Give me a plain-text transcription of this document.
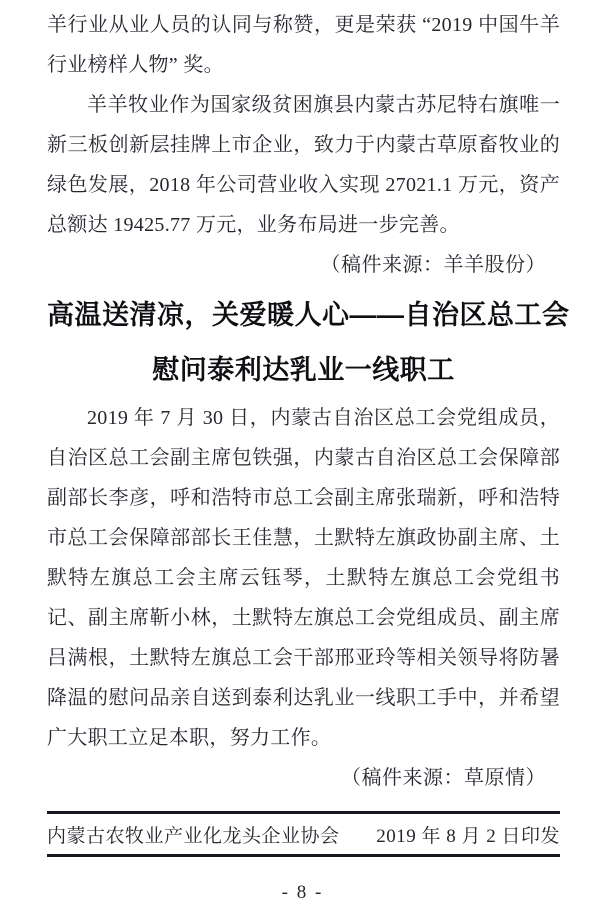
羊行业从业人员的认同与称赞，更是荣获 “2019 中国牛羊行业榜样人物” 奖。

羊羊牧业作为国家级贫困旗县内蒙古苏尼特右旗唯一新三板创新层挂牌上市企业，致力于内蒙古草原畜牧业的绿色发展，2018 年公司营业收入实现 27021.1 万元，资产总额达 19425.77 万元，业务布局进一步完善。

（稿件来源：羊羊股份）

高温送清凉，关爱暖人心——自治区总工会
慰问泰利达乳业一线职工

2019 年 7 月 30 日，内蒙古自治区总工会党组成员，自治区总工会副主席包铁强，内蒙古自治区总工会保障部副部长李彦，呼和浩特市总工会副主席张瑞新，呼和浩特市总工会保障部部长王佳慧，土默特左旗政协副主席、土默特左旗总工会主席云钰琴，土默特左旗总工会党组书记、副主席靳小林，土默特左旗总工会党组成员、副主席吕满根，土默特左旗总工会干部邢亚玲等相关领导将防暑降温的慰问品亲自送到泰利达乳业一线职工手中，并希望广大职工立足本职，努力工作。

（稿件来源：草原情）

内蒙古农牧业产业化龙头企业协会 2019 年 8 月 2 日印发
- 8 -
